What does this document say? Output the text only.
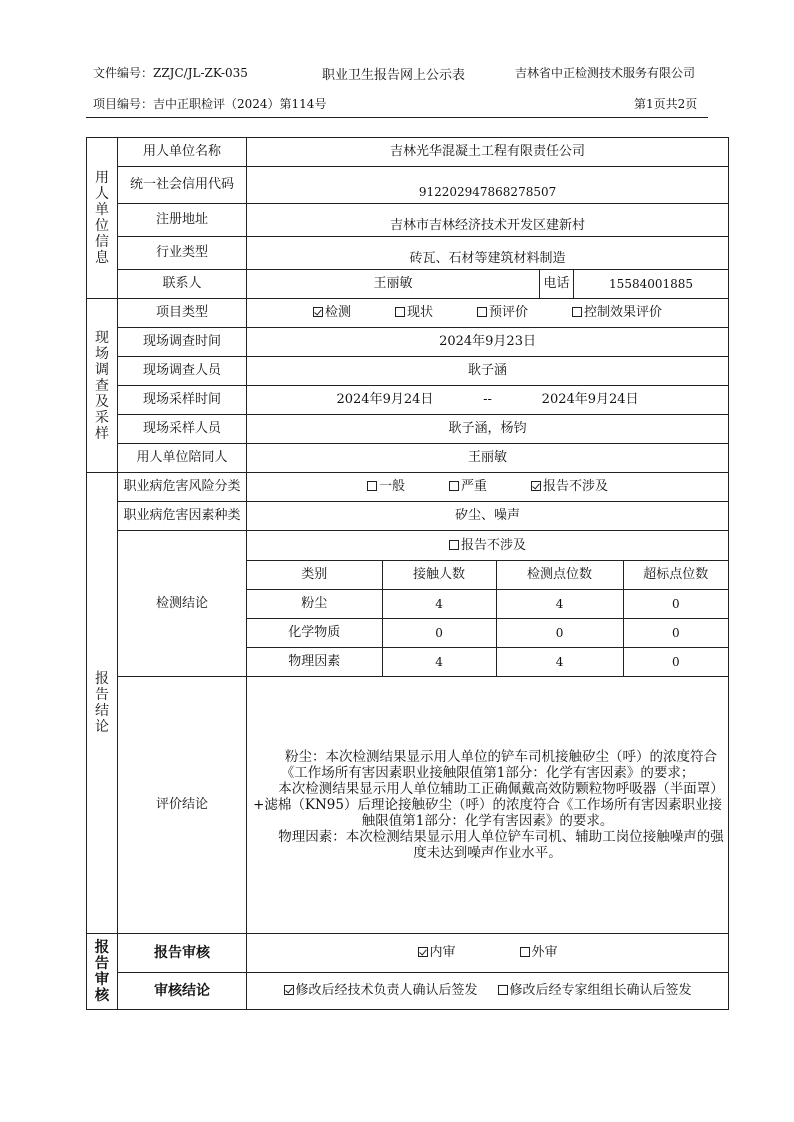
文件编号：ZZJC/JL-ZK-035	职业卫生报告网上公示表	吉林省中正检测技术服务有限公司
项目编号：吉中正职检评（2024）第114号	第1页共2页
用
人
单
位
信
息
	用人单位名称	吉林光华混凝土工程有限责任公司
统一社会信用代码	912202947868278507
注册地址	吉林市吉林经济技术开发区建新村
行业类型	砖瓦、石材等建筑材料制造
联系人	王丽敏	电话	15584001885

现
场
调
查
及
采
样
	项目类型	检测	现状	预评价	控制效果评价
现场调查时间	2024年9月23日
现场调查人员	耿子涵
现场采样时间	2024年9月24日	--	2024年9月24日
现场采样人员	耿子涵，杨钧
用人单位陪同人	王丽敏

报
告
结
论
	职业病危害风险分类	一般	严重	报告不涉及
职业病危害因素种类	矽尘、噪声
检测结论	
报告不涉及
类别	接触人数	检测点位数	超标点位数
粉尘	4	4	0
化学物质	0	0	0
物理因素	4	4	0

评价结论	

粉尘：本次检测结果显示用人单位的铲车司机接触矽尘（呼）的浓度符合《工作场所有害因素职业接触限值第1部分：化学有害因素》的要求；

本次检测结果显示用人单位辅助工正确佩戴高效防颗粒物呼吸器（半面罩）+滤棉（KN95）后理论接触矽尘（呼）的浓度符合《工作场所有害因素职业接触限值第1部分：化学有害因素》的要求。

物理因素：本次检测结果显示用人单位铲车司机、辅助工岗位接触噪声的强度未达到噪声作业水平。

报
告
审
核
	报告审核	内审	外审
审核结论	修改后经技术负责人确认后签发 修改后经专家组组长确认后签发
